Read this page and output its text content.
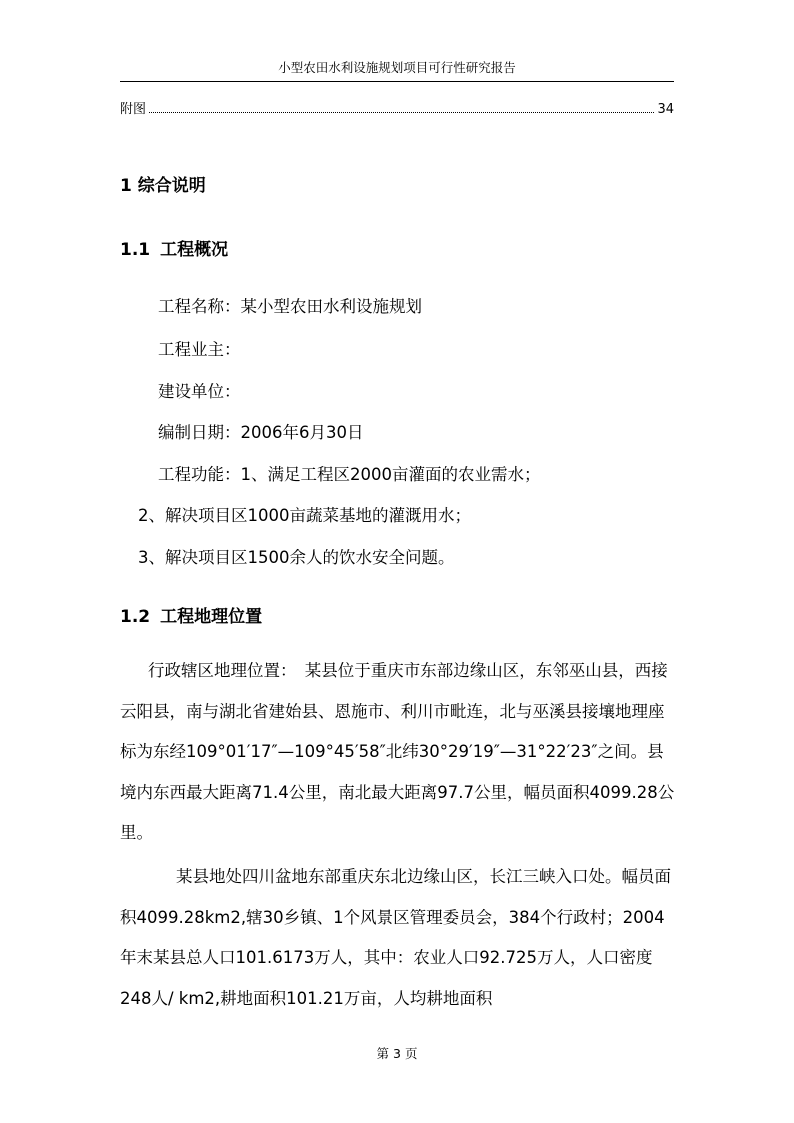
小型农田水利设施规划项目可行性研究报告
附图	34
1 综合说明
1.1 工程概况
工程名称：某小型农田水利设施规划
工程业主：
建设单位：
编制日期：2006年6月30日
工程功能：1、满足工程区2000亩灌面的农业需水；
2、解决项目区1000亩蔬菜基地的灌溉用水；
3、解决项目区1500余人的饮水安全问题。
1.2 工程地理位置

行政辖区地理位置：　某县位于重庆市东部边缘山区，东邻巫山县，西接云阳县，南与湖北省建始县、恩施市、利川市毗连，北与巫溪县接壤地理座标为东经109°01′17″—109°45′58″北纬30°29′19″—31°22′23″之间。县境内东西最大距离71.4公里，南北最大距离97.7公里，幅员面积4099.28公里。

某县地处四川盆地东部重庆东北边缘山区，长江三峡入口处。幅员面积4099.28km2,辖30乡镇、1个风景区管理委员会，384个行政村；2004年末某县总人口101.6173万人，其中：农业人口92.725万人，人口密度248人/ km2,耕地面积101.21万亩，人均耕地面积

第 3 页
